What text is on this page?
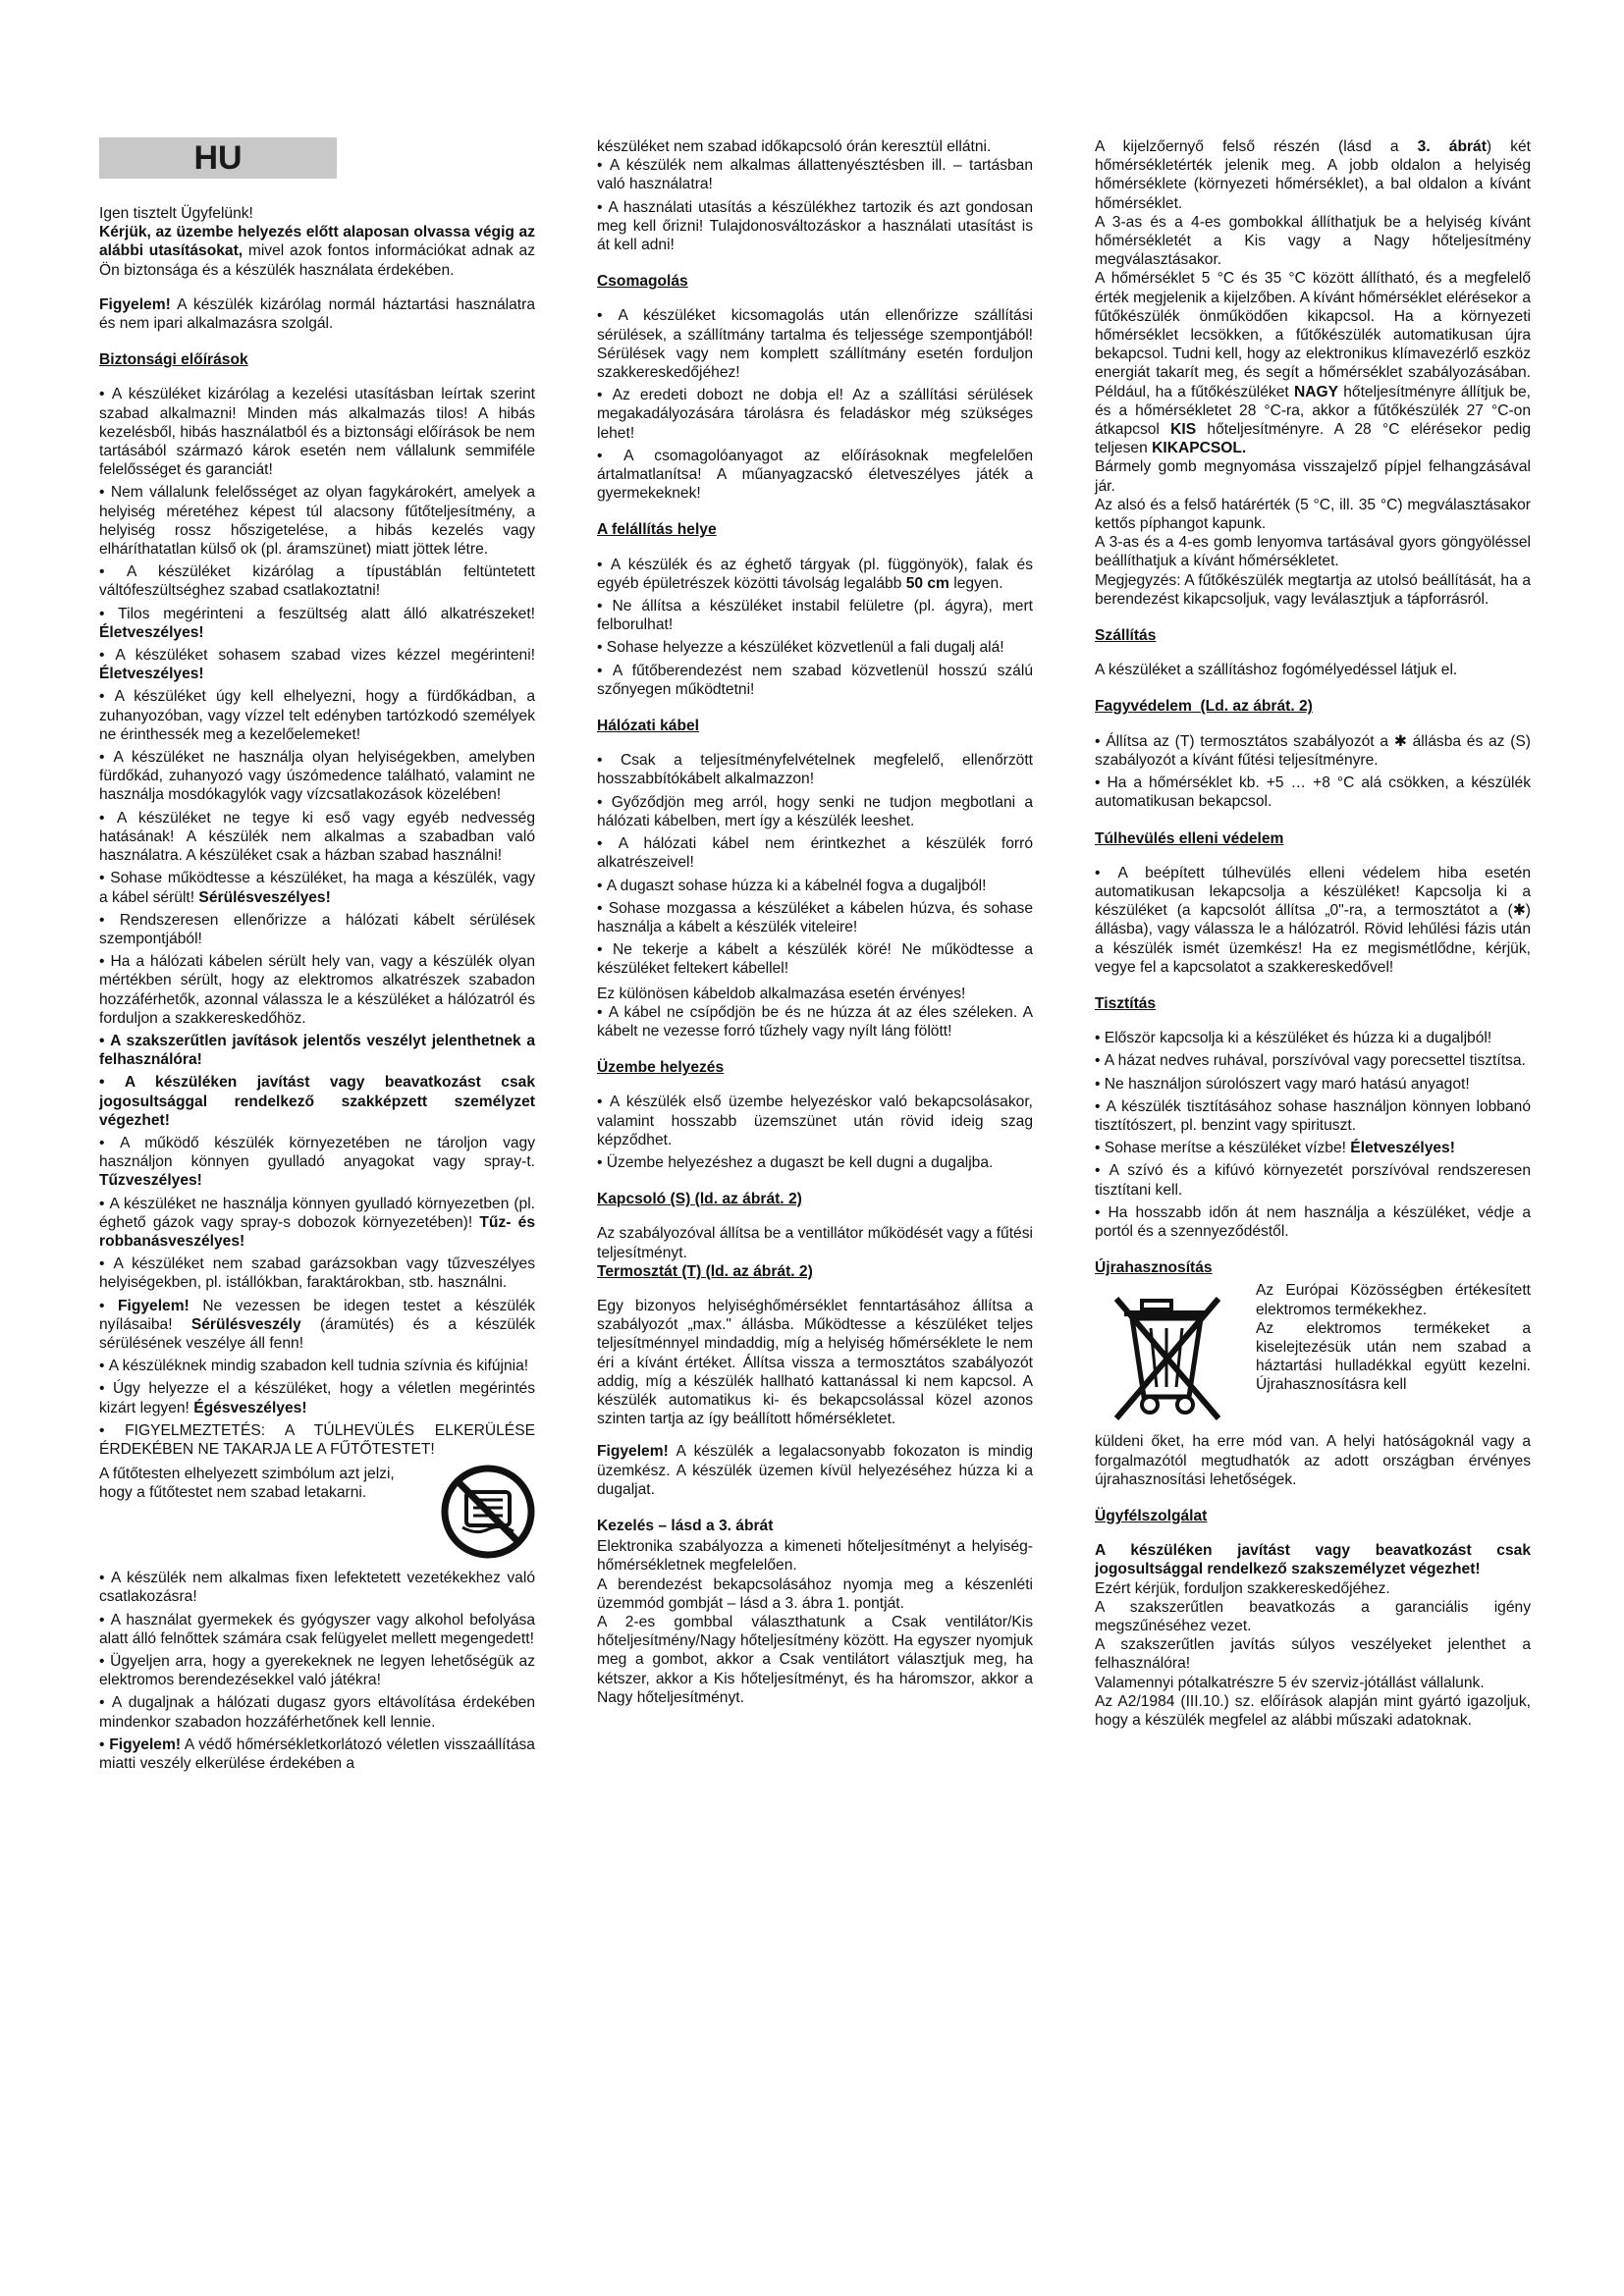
HU

Igen tisztelt Ügyfelünk!

Kérjük, az üzembe helyezés előtt alaposan olvassa végig az alábbi utasításokat, mivel azok fontos információkat adnak az Ön biztonsága és a készülék használata érdekében.

Figyelem! A készülék kizárólag normál háztartási használatra és nem ipari alkalmazásra szolgál.

Biztonsági előírások
• A készüléket kizárólag a kezelési utasításban leírtak szerint szabad alkalmazni! Minden más alkalmazás tilos! A hibás kezelésből, hibás használatból és a biztonsági előírások be nem tartásából származó károk esetén nem vállalunk semmiféle felelősséget és garanciát!
• Nem vállalunk felelősséget az olyan fagykárokért, amelyek a helyiség méretéhez képest túl alacsony fűtőteljesítmény, a helyiség rossz hőszigetelése, a hibás kezelés vagy elháríthatatlan külső ok (pl. áramszünet) miatt jöttek létre.
• A készüléket kizárólag a típustáblán feltüntetett váltófeszültséghez szabad csatlakoztatni!
• Tilos megérinteni a feszültség alatt álló alkatrészeket! Életveszélyes!
• A készüléket sohasem szabad vizes kézzel megérinteni! Életveszélyes!
• A készüléket úgy kell elhelyezni, hogy a fürdőkádban, a zuhanyozóban, vagy vízzel telt edényben tartózkodó személyek ne érinthessék meg a kezelőelemeket!
• A készüléket ne használja olyan helyiségekben, amelyben fürdőkád, zuhanyozó vagy úszómedence található, valamint ne használja mosdókagylók vagy vízcsatlakozások közelében!
• A készüléket ne tegye ki eső vagy egyéb nedvesség hatásának! A készülék nem alkalmas a szabadban való használatra. A készüléket csak a házban szabad használni!
• Sohase működtesse a készüléket, ha maga a készülék, vagy a kábel sérült! Sérülésveszélyes!
• Rendszeresen ellenőrizze a hálózati kábelt sérülések szempontjából!
• Ha a hálózati kábelen sérült hely van, vagy a készülék olyan mértékben sérült, hogy az elektromos alkatrészek szabadon hozzáférhetők, azonnal válassza le a készüléket a hálózatról és forduljon a szakkereskedőhöz.
• A szakszerűtlen javítások jelentős veszélyt jelenthetnek a felhasználóra!
• A készüléken javítást vagy beavatkozást csak jogosultsággal rendelkező szakképzett személyzet végezhet!
• A működő készülék környezetében ne tároljon vagy használjon könnyen gyulladó anyagokat vagy spray-t. Tűzveszélyes!
• A készüléket ne használja könnyen gyulladó környezetben (pl. éghető gázok vagy spray-s dobozok környezetében)! Tűz- és robbanásveszélyes!
• A készüléket nem szabad garázsokban vagy tűzveszélyes helyiségekben, pl. istállókban, faraktárokban, stb. használni.
• Figyelem! Ne vezessen be idegen testet a készülék nyílásaiba! Sérülésveszély (áramütés) és a készülék sérülésének veszélye áll fenn!
• A készüléknek mindig szabadon kell tudnia szívnia és kifújnia!
• Úgy helyezze el a készüléket, hogy a véletlen megérintés kizárt legyen! Égésveszélyes!
• FIGYELMEZTETÉS: A TÚLHEVÜLÉS ELKERÜLÉSE ÉRDEKÉBEN NE TAKARJA LE A FŰTŐTESTET!

A fűtőtesten elhelyezett szimbólum azt jelzi, hogy a fűtőtestet nem szabad letakarni.

• A készülék nem alkalmas fixen lefektetett vezetékekhez való csatlakozásra!
• A használat gyermekek és gyógyszer vagy alkohol befolyása alatt álló felnőttek számára csak felügyelet mellett megengedett!
• Ügyeljen arra, hogy a gyerekeknek ne legyen lehetőségük az elektromos berendezésekkel való játékra!
• A dugaljnak a hálózati dugasz gyors eltávolítása érdekében mindenkor szabadon hozzáférhetőnek kell lennie.
• Figyelem! A védő hőmérsékletkorlátozó véletlen visszaállítása miatti veszély elkerülése érdekében a

készüléket nem szabad időkapcsoló órán keresztül ellátni.

• A készülék nem alkalmas állattenyésztésben ill. – tartásban való használatra!
• A használati utasítás a készülékhez tartozik és azt gondosan meg kell őrizni! Tulajdonosváltozáskor a használati utasítást is át kell adni!
Csomagolás
• A készüléket kicsomagolás után ellenőrizze szállítási sérülések, a szállítmány tartalma és teljessége szempontjából! Sérülések vagy nem komplett szállítmány esetén forduljon szakkereskedőjéhez!
• Az eredeti dobozt ne dobja el! Az a szállítási sérülések megakadályozására tárolásra és feladáskor még szükséges lehet!
• A csomagolóanyagot az előírásoknak megfelelően ártalmatlanítsa! A műanyagzacskó életveszélyes játék a gyermekeknek!
A felállítás helye
• A készülék és az éghető tárgyak (pl. függönyök), falak és egyéb épületrészek közötti távolság legalább 50 cm legyen.
• Ne állítsa a készüléket instabil felületre (pl. ágyra), mert felborulhat!
• Sohase helyezze a készüléket közvetlenül a fali dugalj alá!
• A fűtőberendezést nem szabad közvetlenül hosszú szálú szőnyegen működtetni!
Hálózati kábel
• Csak a teljesítményfelvételnek megfelelő, ellenőrzött hosszabbítókábelt alkalmazzon!
• Győződjön meg arról, hogy senki ne tudjon megbotlani a hálózati kábelben, mert így a készülék leeshet.
• A hálózati kábel nem érintkezhet a készülék forró alkatrészeivel!
• A dugaszt sohase húzza ki a kábelnél fogva a dugaljból!
• Sohase mozgassa a készüléket a kábelen húzva, és sohase használja a kábelt a készülék viteleire!
• Ne tekerje a kábelt a készülék köré! Ne működtesse a készüléket feltekert kábellel!

Ez különösen kábeldob alkalmazása esetén érvényes!

• A kábel ne csípődjön be és ne húzza át az éles széleken. A kábelt ne vezesse forró tűzhely vagy nyílt láng fölött!
Üzembe helyezés
• A készülék első üzembe helyezéskor való bekapcsolásakor, valamint hosszabb üzemszünet után rövid ideig szag képződhet.
• Üzembe helyezéshez a dugaszt be kell dugni a dugaljba.
Kapcsoló (S) (ld. az ábrát. 2)

Az szabályozóval állítsa be a ventillátor működését vagy a fűtési teljesítményt.

Termosztát (T) (ld. az ábrát. 2)

Egy bizonyos helyiséghőmérséklet fenntartásához állítsa a szabályozót „max." állásba. Működtesse a készüléket teljes teljesítménnyel mindaddig, míg a helyiség hőmérséklete le nem éri a kívánt értéket. Állítsa vissza a termosztátos szabályozót addig, míg a készülék hallható kattanással ki nem kapcsol. A készülék automatikus ki- és bekapcsolással közel azonos szinten tartja az így beállított hőmérsékletet.

Figyelem! A készülék a legalacsonyabb fokozaton is mindig üzemkész. A készülék üzemen kívül helyezéséhez húzza ki a dugaljat.

Kezelés – lásd a 3. ábrát

Elektronika szabályozza a kimeneti hőteljesítményt a helyiség-hőmérsékletnek megfelelően.

A berendezést bekapcsolásához nyomja meg a készenléti üzemmód gombját – lásd a 3. ábra 1. pontját.

A 2-es gombbal választhatunk a Csak ventilátor/Kis hőteljesítmény/Nagy hőteljesítmény között. Ha egyszer nyomjuk meg a gombot, akkor a Csak ventilátort választjuk meg, ha kétszer, akkor a Kis hőteljesítményt, és ha háromszor, akkor a Nagy hőteljesítményt.

A kijelzőernyő felső részén (lásd a 3. ábrát) két hőmérsékletérték jelenik meg. A jobb oldalon a helyiség hőmérséklete (környezeti hőmérséklet), a bal oldalon a kívánt hőmérséklet.

A 3-as és a 4-es gombokkal állíthatjuk be a helyiség kívánt hőmérsékletét a Kis vagy a Nagy hőteljesítmény megválasztásakor.

A hőmérséklet 5 °C és 35 °C között állítható, és a megfelelő érték megjelenik a kijelzőben. A kívánt hőmérséklet elérésekor a fűtőkészülék önműködően kikapcsol. Ha a környezeti hőmérséklet lecsökken, a fűtőkészülék automatikusan újra bekapcsol. Tudni kell, hogy az elektronikus klímavezérlő eszköz energiát takarít meg, és segít a hőmérséklet szabályozásában. Például, ha a fűtőkészüléket NAGY hőteljesítményre állítjuk be, és a hőmérsékletet 28 °C-ra, akkor a fűtőkészülék 27 °C-on átkapcsol KIS hőteljesítményre. A 28 °C elérésekor pedig teljesen KIKAPCSOL.

Bármely gomb megnyomása visszajelző pípjel felhangzásával jár.

Az alsó és a felső határérték (5 °C, ill. 35 °C) megválasztásakor kettős píphangot kapunk.

A 3-as és a 4-es gomb lenyomva tartásával gyors göngyöléssel beállíthatjuk a kívánt hőmérsékletet.

Megjegyzés: A fűtőkészülék megtartja az utolsó beállítását, ha a berendezést kikapcsoljuk, vagy leválasztjuk a tápforrásról.

Szállítás

A készüléket a szállításhoz fogómélyedéssel látjuk el.

Fagyvédelem (Ld. az ábrát. 2)
• Állítsa az (T) termosztátos szabályozót a ✱ állásba és az (S) szabályozót a kívánt fűtési teljesítményre.
• Ha a hőmérséklet kb. +5 … +8 °C alá csökken, a készülék automatikusan bekapcsol.
Túlhevülés elleni védelem
• A beépített túlhevülés elleni védelem hiba esetén automatikusan lekapcsolja a készüléket! Kapcsolja ki a készüléket (a kapcsolót állítsa „0"-ra, a termosztátot a (✱) állásba), vagy válassza le a hálózatról. Rövid lehűlési fázis után a készülék ismét üzemkész! Ha ez megismétlődne, kérjük, vegye fel a kapcsolatot a szakkereskedővel!
Tisztítás
• Először kapcsolja ki a készüléket és húzza ki a dugaljból!
• A házat nedves ruhával, porszívóval vagy porecsettel tisztítsa.
• Ne használjon súrolószert vagy maró hatású anyagot!
• A készülék tisztításához sohase használjon könnyen lobbanó tisztítószert, pl. benzint vagy spirituszt.
• Sohase merítse a készüléket vízbe! Életveszélyes!
• A szívó és a kifúvó környezetét porszívóval rendszeresen tisztítani kell.
• Ha hosszabb időn át nem használja a készüléket, védje a portól és a szennyeződéstől.
Újrahasznosítás

Az Európai Közösségben értékesített elektromos termékekhez.

Az elektromos termékeket a kiselejtezésük után nem szabad a háztartási hulladékkal együtt kezelni. Újrahasznosításra kell

küldeni őket, ha erre mód van. A helyi hatóságoknál vagy a forgalmazótól megtudhatók az adott országban érvényes újrahasznosítási lehetőségek.

Ügyfélszolgálat

A készüléken javítást vagy beavatkozást csak jogosultsággal rendelkező szakszemélyzet végezhet!

Ezért kérjük, forduljon szakkereskedőjéhez.

A szakszerűtlen beavatkozás a garanciális igény megszűnéséhez vezet.

A szakszerűtlen javítás súlyos veszélyeket jelenthet a felhasználóra!

Valamennyi pótalkatrészre 5 év szerviz-jótállást vállalunk.

Az A2/1984 (III.10.) sz. előírások alapján mint gyártó igazoljuk, hogy a készülék megfelel az alábbi műszaki adatoknak.
